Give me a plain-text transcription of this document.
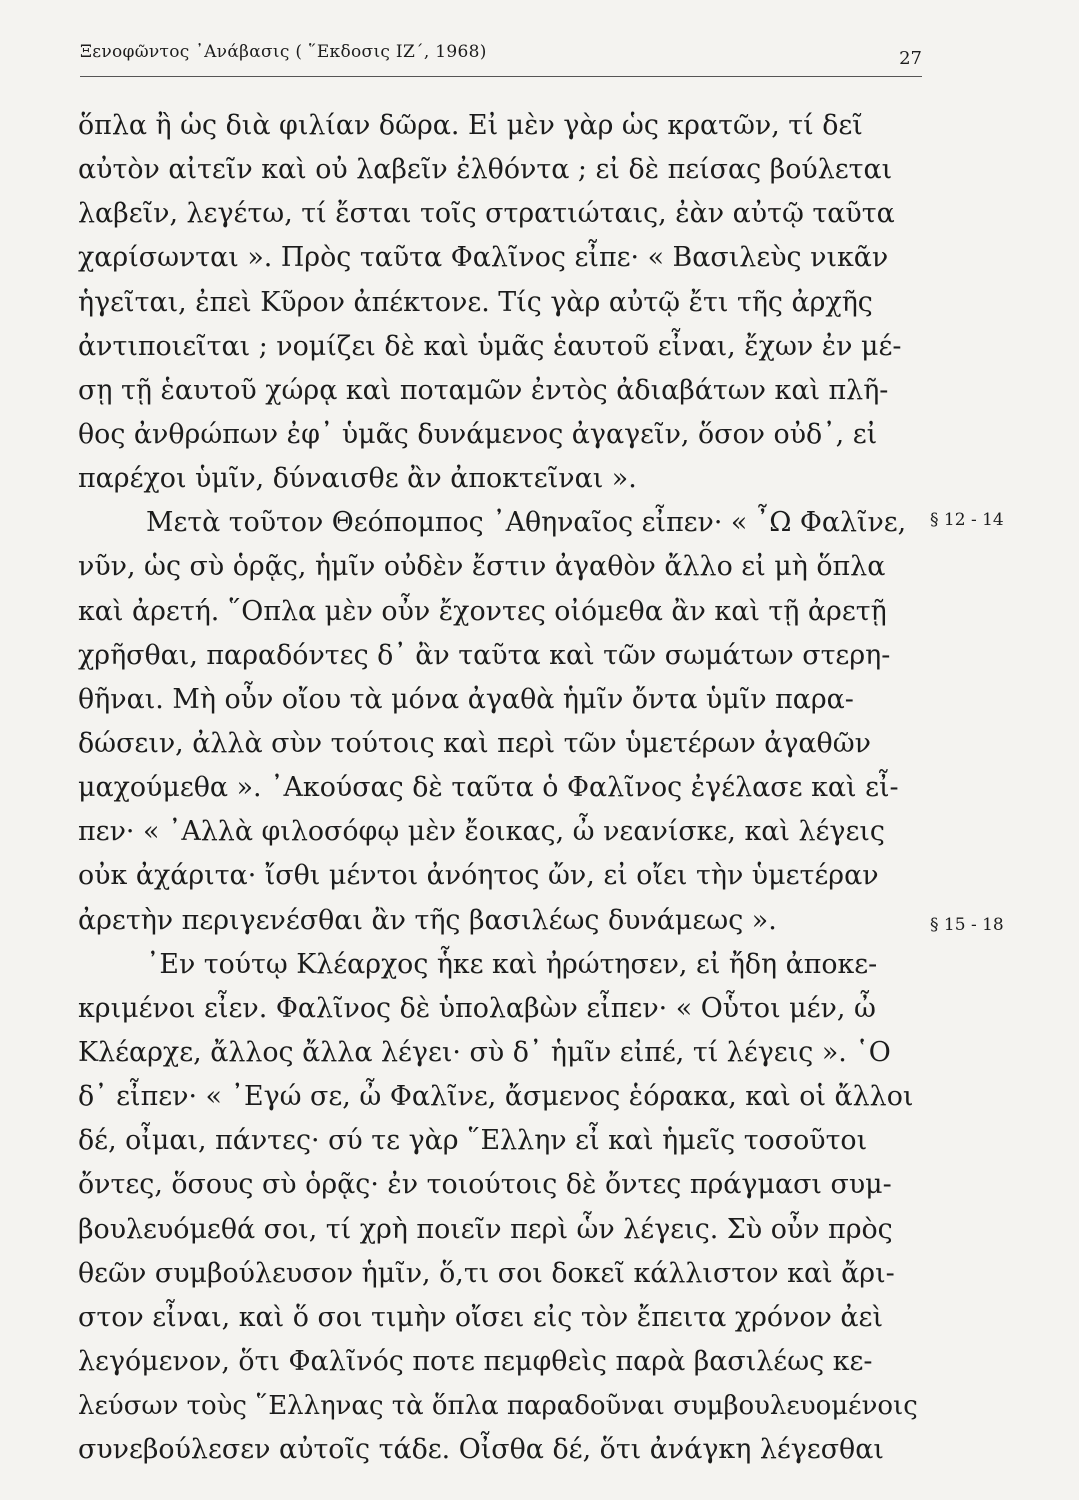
Ξενοφῶντος ᾿Ανάβασις ( ῞Εκδοσις ΙΖ΄, 1968)	27
ὅπλα ἢ ὡς διὰ φιλίαν δῶρα. Εἰ μὲν γὰρ ὡς κρατῶν, τί δεῖ
αὐτὸν αἰτεῖν καὶ οὐ λαβεῖν ἐλθόντα ; εἰ δὲ πείσας βούλεται
λαβεῖν, λεγέτω, τί ἔσται τοῖς στρατιώταις, ἐὰν αὐτῷ ταῦτα
χαρίσωνται ». Πρὸς ταῦτα Φαλῖνος εἶπε· « Βασιλεὺς νικᾶν
ἡγεῖται, ἐπεὶ Κῦρον ἀπέκτονε. Τίς γὰρ αὐτῷ ἔτι τῆς ἀρχῆς
ἀντιποιεῖται ; νομίζει δὲ καὶ ὑμᾶς ἑαυτοῦ εἶναι, ἔχων ἐν μέ-
σῃ τῇ ἑαυτοῦ χώρᾳ καὶ ποταμῶν ἐντὸς ἀδιαβάτων καὶ πλῆ-
θος ἀνθρώπων ἐφ᾿ ὑμᾶς δυνάμενος ἀγαγεῖν, ὅσον οὐδ᾿, εἰ
παρέχοι ὑμῖν, δύναισθε ἂν ἀποκτεῖναι ».
Μετὰ τοῦτον Θεόπομπος ᾿Αθηναῖος εἶπεν· « ῏Ω Φαλῖνε,
νῦν, ὡς σὺ ὁρᾷς, ἡμῖν οὐδὲν ἔστιν ἀγαθὸν ἄλλο εἰ μὴ ὅπλα
καὶ ἀρετή. ῞Οπλα μὲν οὖν ἔχοντες οἰόμεθα ἂν καὶ τῇ ἀρετῇ
χρῆσθαι, παραδόντες δ᾿ ἂν ταῦτα καὶ τῶν σωμάτων στερη-
θῆναι. Μὴ οὖν οἴου τὰ μόνα ἀγαθὰ ἡμῖν ὄντα ὑμῖν παρα-
δώσειν, ἀλλὰ σὺν τούτοις καὶ περὶ τῶν ὑμετέρων ἀγαθῶν
μαχούμεθα ». ᾿Ακούσας δὲ ταῦτα ὁ Φαλῖνος ἐγέλασε καὶ εἶ-
πεν· « ᾿Αλλὰ φιλοσόφῳ μὲν ἔοικας, ὦ νεανίσκε, καὶ λέγεις
οὐκ ἀχάριτα· ἴσθι μέντοι ἀνόητος ὤν, εἰ οἴει τὴν ὑμετέραν
ἀρετὴν περιγενέσθαι ἂν τῆς βασιλέως δυνάμεως ».
᾿Εν τούτῳ Κλέαρχος ἧκε καὶ ἠρώτησεν, εἰ ἤδη ἀποκε-
κριμένοι εἶεν. Φαλῖνος δὲ ὑπολαβὼν εἶπεν· « Οὗτοι μέν, ὦ
Κλέαρχε, ἄλλος ἄλλα λέγει· σὺ δ᾿ ἡμῖν εἰπέ, τί λέγεις ». ῾Ο
δ᾿ εἶπεν· « ᾿Εγώ σε, ὦ Φαλῖνε, ἄσμενος ἑόρακα, καὶ οἱ ἄλλοι
δέ, οἶμαι, πάντες· σύ τε γὰρ ῞Ελλην εἶ καὶ ἡμεῖς τοσοῦτοι
ὄντες, ὅσους σὺ ὁρᾷς· ἐν τοιούτοις δὲ ὄντες πράγμασι συμ-
βουλευόμεθά σοι, τί χρὴ ποιεῖν περὶ ὧν λέγεις. Σὺ οὖν πρὸς
θεῶν συμβούλευσον ἡμῖν, ὅ,τι σοι δοκεῖ κάλλιστον καὶ ἄρι-
στον εἶναι, καὶ ὅ σοι τιμὴν οἴσει εἰς τὸν ἔπειτα χρόνον ἀεὶ
λεγόμενον, ὅτι Φαλῖνός ποτε πεμφθεὶς παρὰ βασιλέως κε-
λεύσων τοὺς ῞Ελληνας τὰ ὅπλα παραδοῦναι συμβουλευομένοις
συνεβούλεσεν αὐτοῖς τάδε. Οἶσθα δέ, ὅτι ἀνάγκη λέγεσθαι
§ 12 - 14
§ 15 - 18
